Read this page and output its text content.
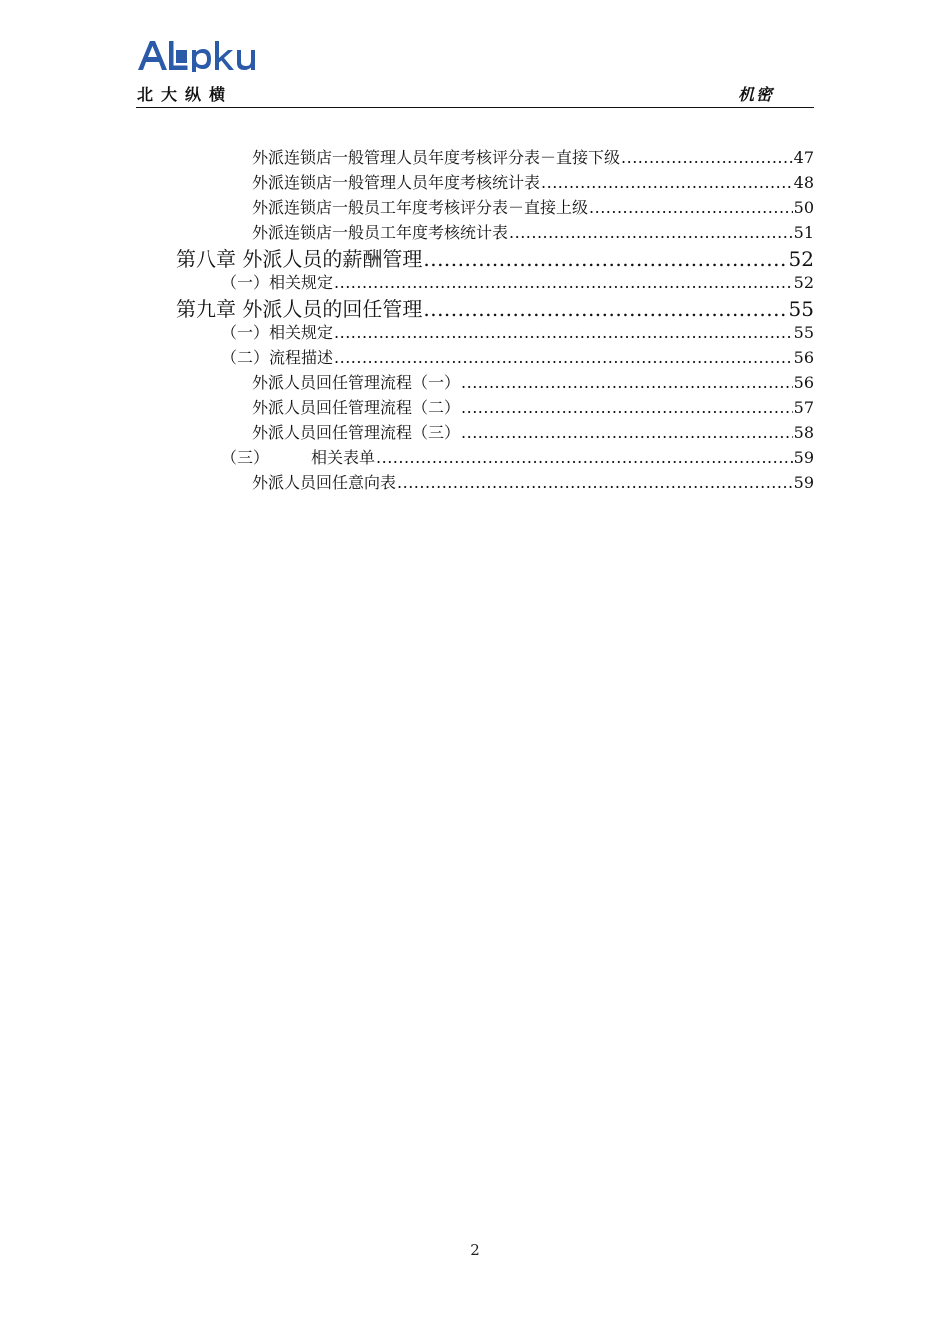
北大纵横	机密
外派连锁店一般管理人员年度考核评分表－直接下级 .....	47
外派连锁店一般管理人员年度考核统计表 .....	48
外派连锁店一般员工年度考核评分表－直接上级 .....	50
外派连锁店一般员工年度考核统计表 .....	51
第八章 外派人员的薪酬管理 .....	52
（一）相关规定 .....	52
第九章 外派人员的回任管理 .....	55
（一）相关规定 .....	55
（二）流程描述 .....	56
外派人员回任管理流程（一） .....	56
外派人员回任管理流程（二） .....	57
外派人员回任管理流程（三） .....	58
（三）	相关表单 .....	59
外派人员回任意向表 .....	59
2
